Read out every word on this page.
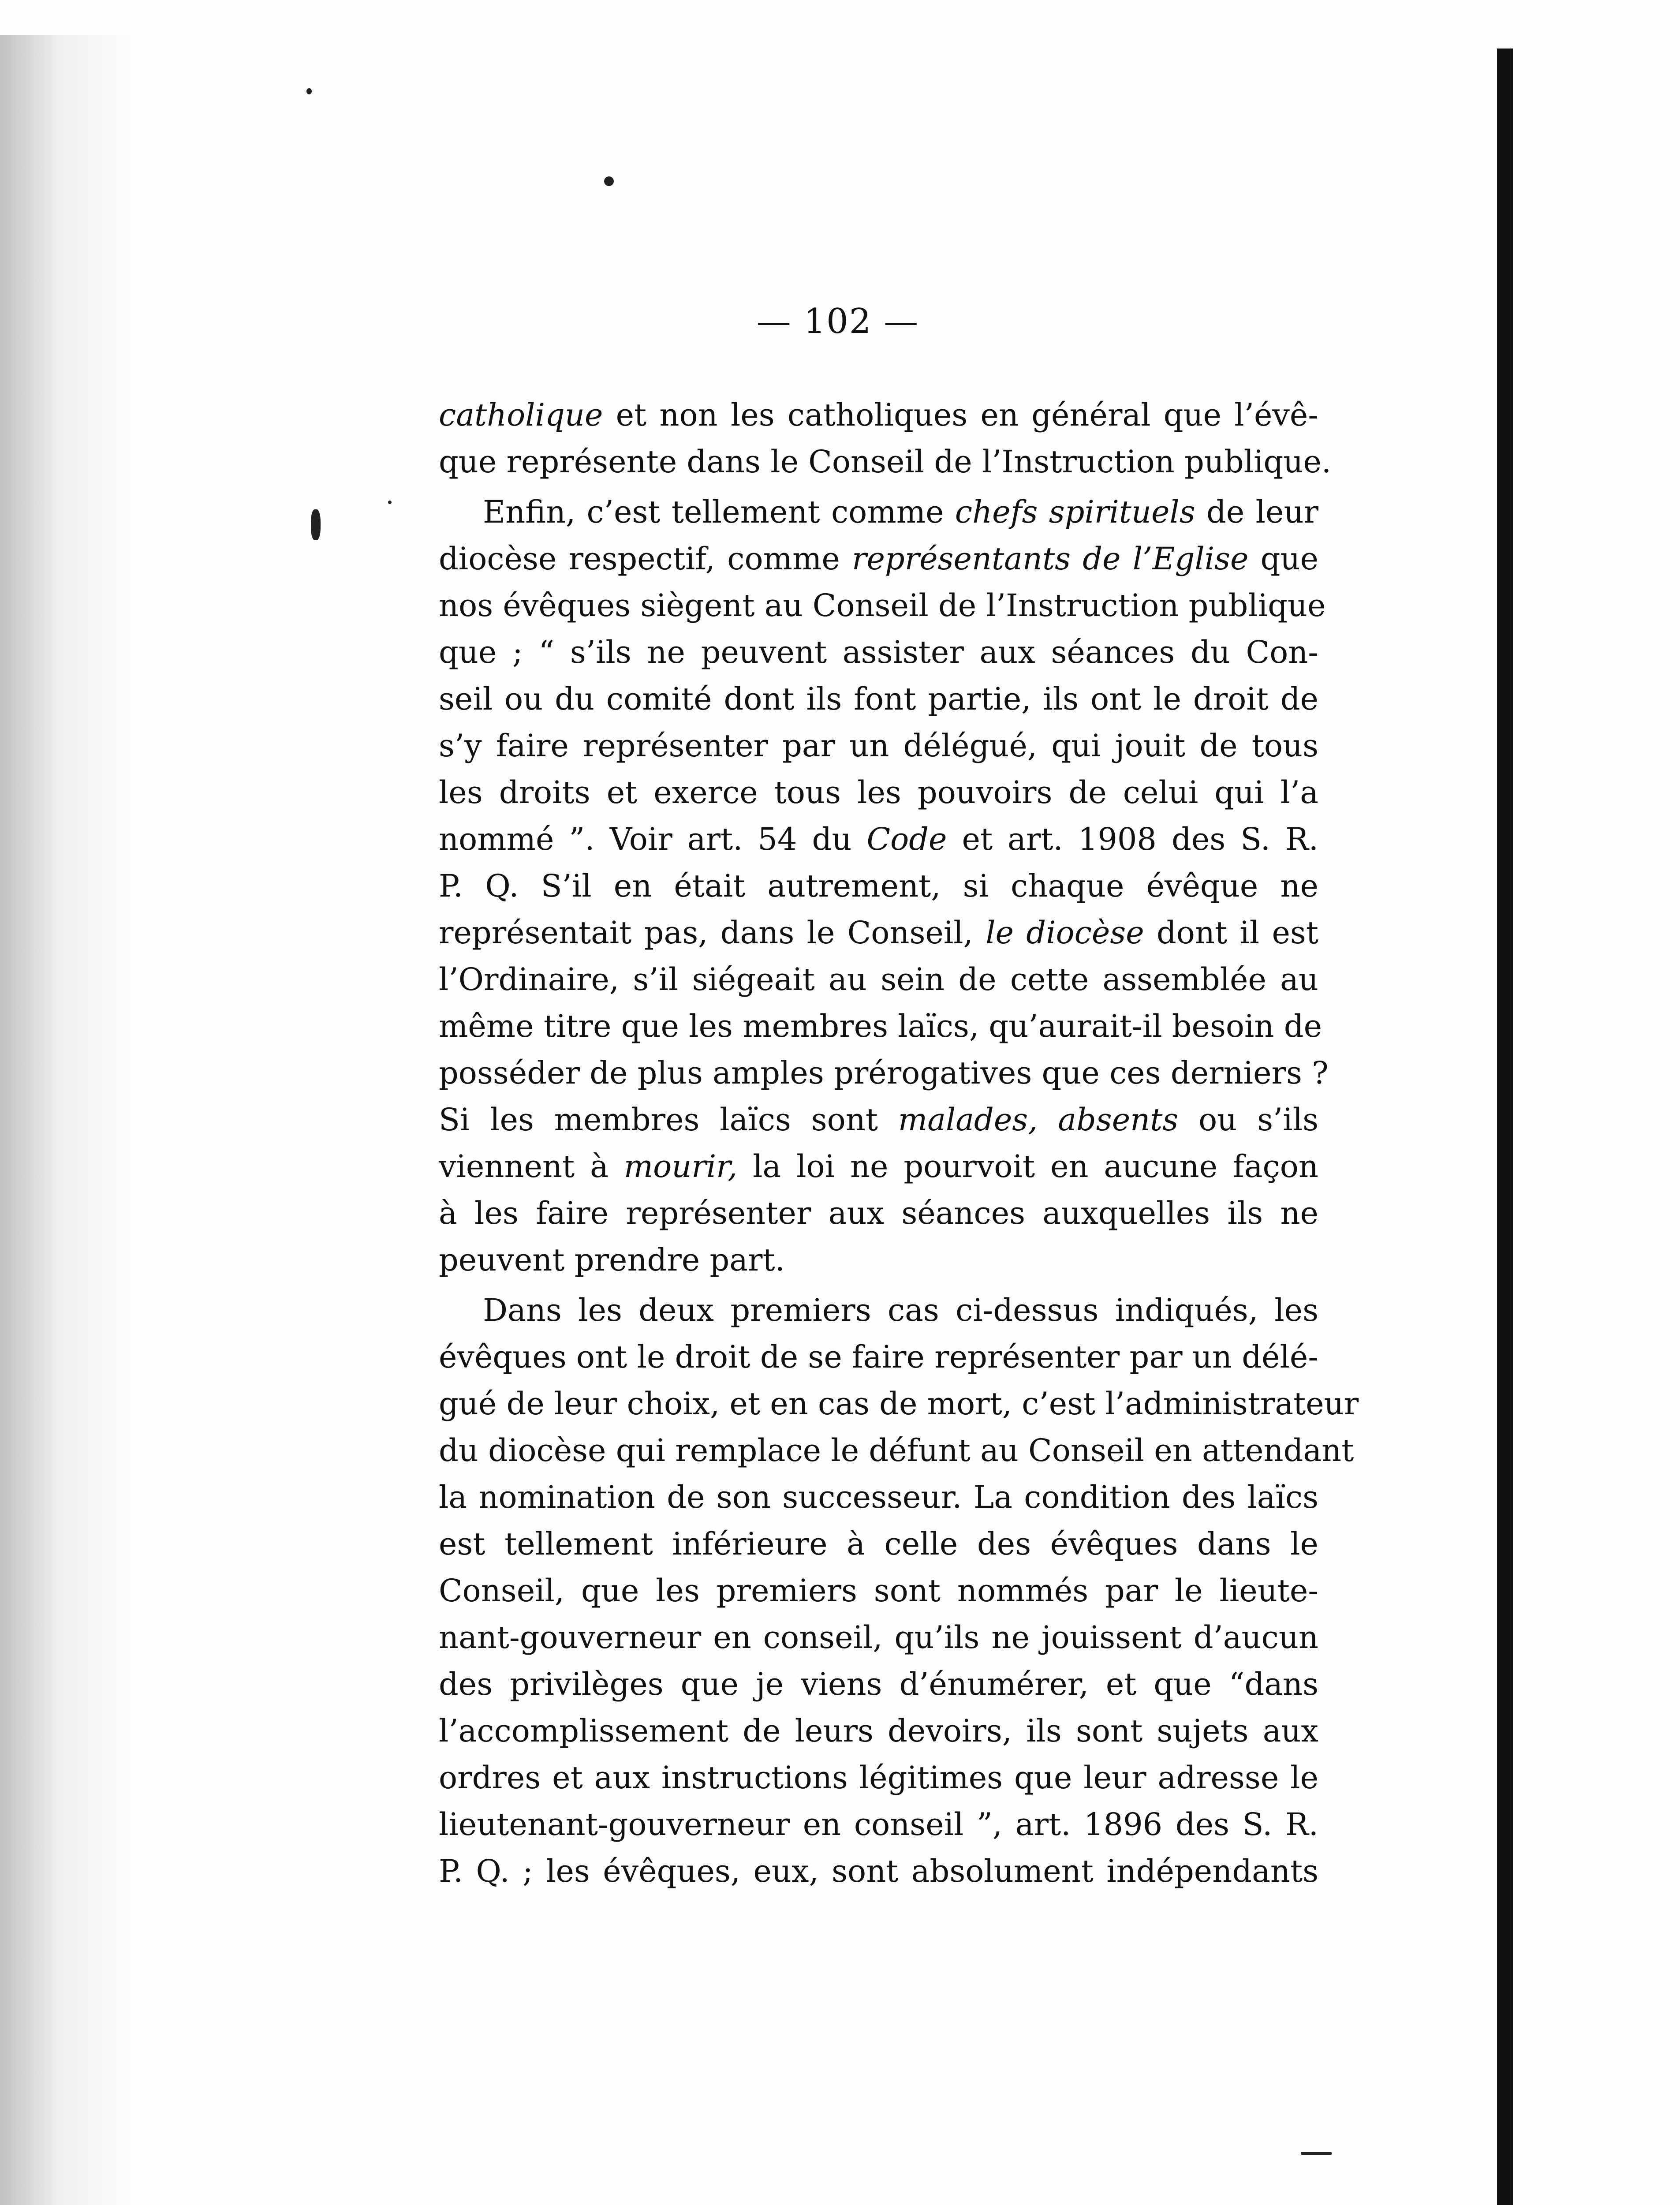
— 102 —
catholique et non les catholiques en général que l’évê-
que représente dans le Conseil de l’Instruction publique.
Enfin, c’est tellement comme chefs spirituels de leur
diocèse respectif, comme représentants de l’Eglise que
nos évêques siègent au Conseil de l’Instruction publique
que ; “ s’ils ne peuvent assister aux séances du Con-
seil ou du comité dont ils font partie, ils ont le droit de
s’y faire représenter par un délégué, qui jouit de tous
les droits et exerce tous les pouvoirs de celui qui l’a
nommé ”. Voir art. 54 du Code et art. 1908 des S. R.
P. Q. S’il en était autrement, si chaque évêque ne
représentait pas, dans le Conseil, le diocèse dont il est
l’Ordinaire, s’il siégeait au sein de cette assemblée au
même titre que les membres laïcs, qu’aurait-il besoin de
posséder de plus amples prérogatives que ces derniers ?
Si les membres laïcs sont malades, absents ou s’ils
viennent à mourir, la loi ne pourvoit en aucune façon
à les faire représenter aux séances auxquelles ils ne
peuvent prendre part.
Dans les deux premiers cas ci-dessus indiqués, les
évêques ont le droit de se faire représenter par un délé-
gué de leur choix, et en cas de mort, c’est l’administrateur
du diocèse qui remplace le défunt au Conseil en attendant
la nomination de son successeur. La condition des laïcs
est tellement inférieure à celle des évêques dans le
Conseil, que les premiers sont nommés par le lieute-
nant-gouverneur en conseil, qu’ils ne jouissent d’aucun
des privilèges que je viens d’énumérer, et que “dans
l’accomplissement de leurs devoirs, ils sont sujets aux
ordres et aux instructions légitimes que leur adresse le
lieutenant-gouverneur en conseil ”, art. 1896 des S. R.
P. Q. ; les évêques, eux, sont absolument indépendants
